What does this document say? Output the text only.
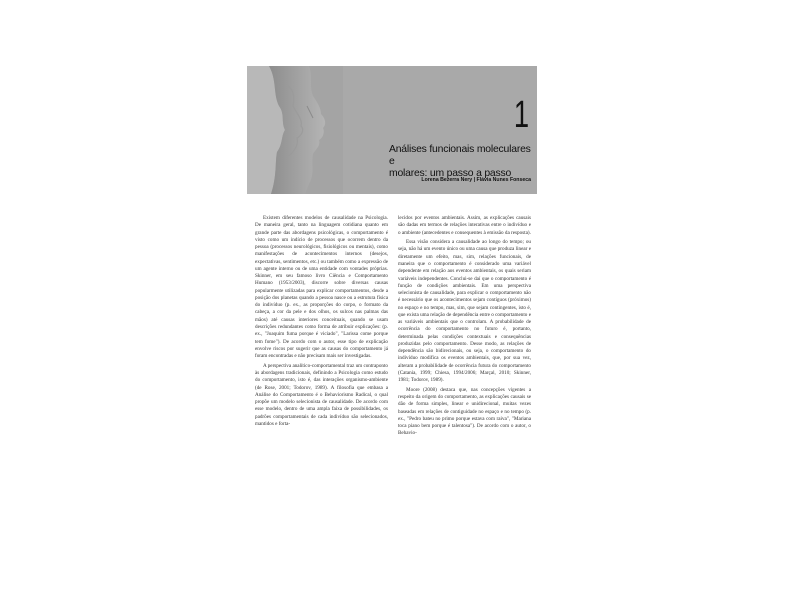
1
Análises funcionais moleculares e
molares: um passo a passo
Lorena Bezerra Nery | Flávia Nunes Fonseca

Existem diferentes modelos de causalidade na Psicologia. De maneira geral, tanto na linguagem cotidiana quanto em grande parte das abordagens psicológicas, o comportamento é visto como um indício de processos que ocorrem dentro da pessoa (processos neurológicos, fisiológicos ou mentais), como manifestações de acontecimentos internos (desejos, expectativas, sentimentos, etc.) ou também como a expressão de um agente interno ou de uma entidade com vontades próprias. Skinner, em seu famoso livro Ciência e Comportamento Humano (1953/2003), discorre sobre diversas causas popularmente utilizadas para explicar comportamentos, desde a posição dos planetas quando a pessoa nasce ou a estrutura física do indivíduo (p. ex., as proporções do corpo, o formato da cabeça, a cor da pele e dos olhos, os sulcos nas palmas das mãos) até causas interiores conceituais, quando se usam descrições redundantes como forma de atribuir explicações: (p. ex., "Joaquim fuma porque é viciado", "Larissa come porque tem fome"). De acordo com o autor, esse tipo de explicação envolve riscos por sugerir que as causas do comportamento já foram encontradas e não precisam mais ser investigadas.

A perspectiva analítico-comportamental traz um contraponto às abordagens tradicionais, definindo a Psicologia como estudo do comportamento, isto é, das interações organismo-ambiente (de Rose, 2001; Todorov, 1989). A filosofia que embasa a Análise do Comportamento é o Behaviorismo Radical, o qual propõe um modelo selecionista de causalidade. De acordo com esse modelo, dentro de uma ampla faixa de possibilidades, os padrões comportamentais de cada indivíduo são selecionados, mantidos e forta-

lecidos por eventos ambientais. Assim, as explicações causais são dadas em termos de relações interativas entre o indivíduo e o ambiente (antecedentes e consequentes à emissão da resposta).

Essa visão considera a causalidade ao longo do tempo; ou seja, não há um evento único ou uma causa que produza linear e diretamente um efeito, mas, sim, relações funcionais, de maneira que o comportamento é considerado uma variável dependente em relação aos eventos ambientais, os quais seriam variáveis independentes. Conclui-se daí que o comportamento é função de condições ambientais. Em uma perspectiva selecionista de causalidade, para explicar o comportamento não é necessário que os acontecimentos sejam contíguos (próximos) no espaço e no tempo, mas, sim, que sejam contingentes, isto é, que exista uma relação de dependência entre o comportamento e as variáveis ambientais que o controlam. A probabilidade de ocorrência do comportamento no futuro é, portanto, determinada pelas condições contextuais e consequências produzidas pelo comportamento. Desse modo, as relações de dependência são bidirecionais, ou seja, o comportamento do indivíduo modifica os eventos ambientais, que, por sua vez, alteram a probabilidade de ocorrência futura do comportamento (Catania, 1999; Chiesa, 1994/2006; Marçal, 2010; Skinner, 1981; Todorov, 1989).

Moore (2008) destaca que, nas concepções vigentes a respeito da origem do comportamento, as explicações causais se dão de forma simples, linear e unidirecional, muitas vezes baseadas em relações de contiguidade no espaço e no tempo (p. ex., "Pedro bateu no primo porque estava com raiva", "Mariana toca piano bem porque é talentosa"). De acordo com o autor, o Behavio-
